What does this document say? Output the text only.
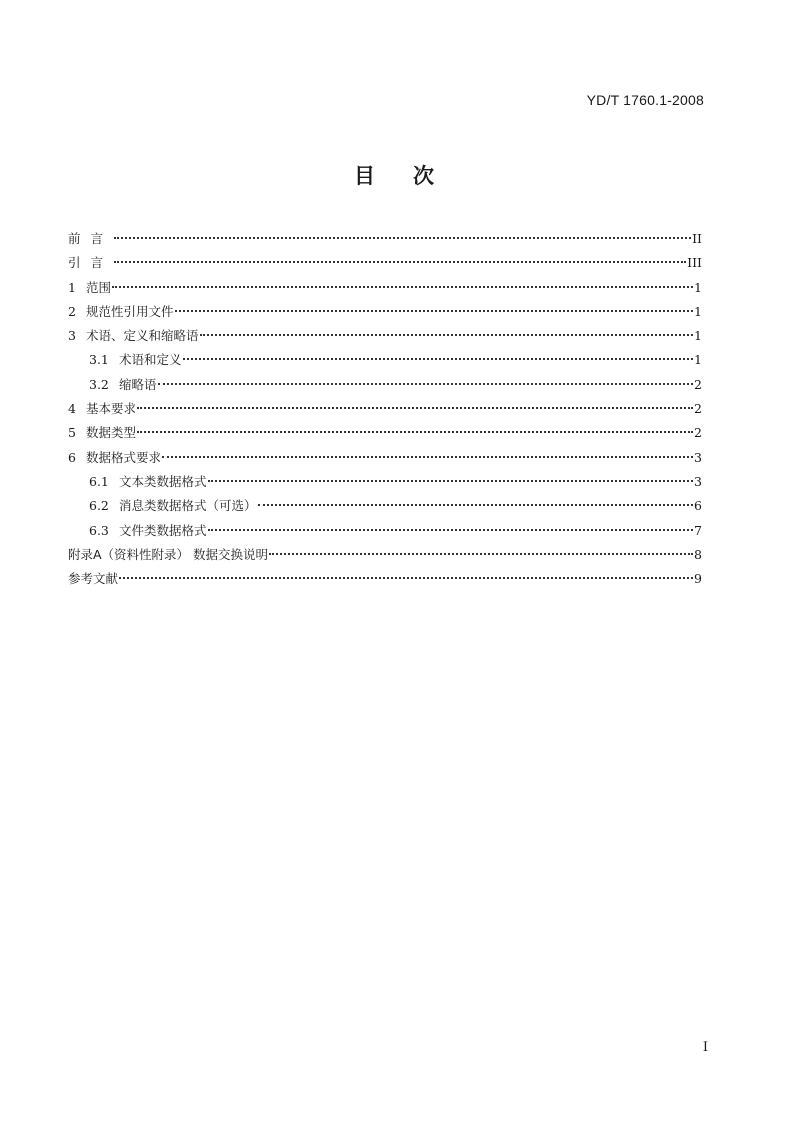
YD/T 1760.1-2008
目次
前言	II
引言	III
1 范围	1
2 规范性引用文件	1
3 术语、定义和缩略语	1
3.1 术语和定义	1
3.2 缩略语	2
4 基本要求	2
5 数据类型	2
6 数据格式要求	3
6.1 文本类数据格式	3
6.2 消息类数据格式（可选）	6
6.3 文件类数据格式	7
附录A（资料性附录） 数据交换说明	8
参考文献	9
I
